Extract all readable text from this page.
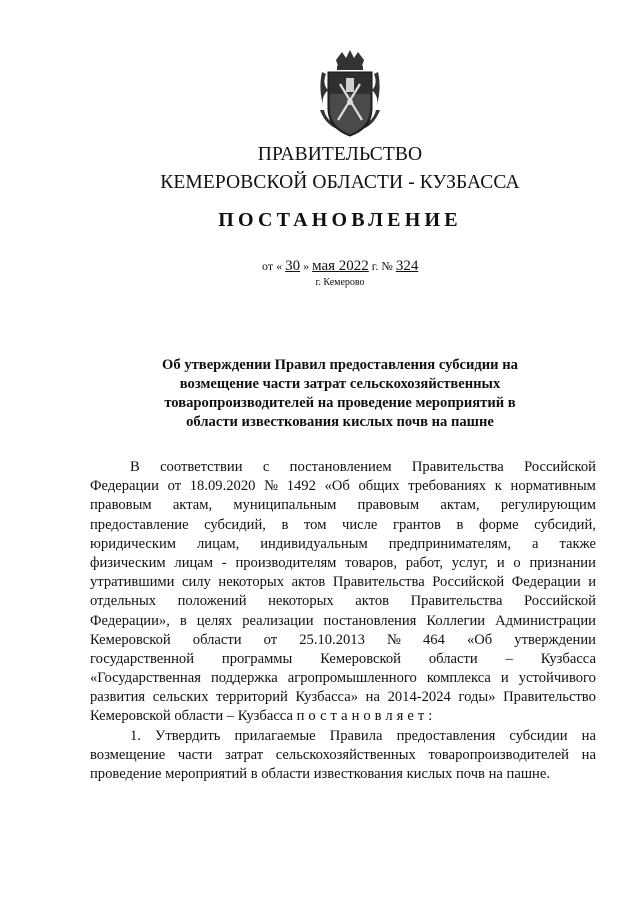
ПРАВИТЕЛЬСТВО
КЕМЕРОВСКОЙ ОБЛАСТИ - КУЗБАССА
ПОСТАНОВЛЕНИЕ
от « 30 » мая 2022 г. № 324
г. Кемерово
Об утверждении Правил предоставления субсидии на
возмещение части затрат сельскохозяйственных
товаропроизводителей на проведение мероприятий в
области известкования кислых почв на пашне
В соответствии с постановлением Правительства Российской
Федерации от 18.09.2020 № 1492 «Об общих требованиях к нормативным
правовым актам, муниципальным правовым актам, регулирующим
предоставление субсидий, в том числе грантов в форме субсидий,
юридическим лицам, индивидуальным предпринимателям, а также
физическим лицам - производителям товаров, работ, услуг, и о признании
утратившими силу некоторых актов Правительства Российской Федерации и
отдельных положений некоторых актов Правительства Российской
Федерации», в целях реализации постановления Коллегии Администрации
Кемеровской области от 25.10.2013 № 464 «Об утверждении
государственной программы Кемеровской области – Кузбасса
«Государственная поддержка агропромышленного комплекса и устойчивого
развития сельских территорий Кузбасса» на 2014-2024 годы» Правительство
Кемеровской области – Кузбасса
постановляет:
1. Утвердить прилагаемые Правила предоставления субсидии на
возмещение части затрат сельскохозяйственных товаропроизводителей на
проведение мероприятий в области известкования кислых почв на пашне.
